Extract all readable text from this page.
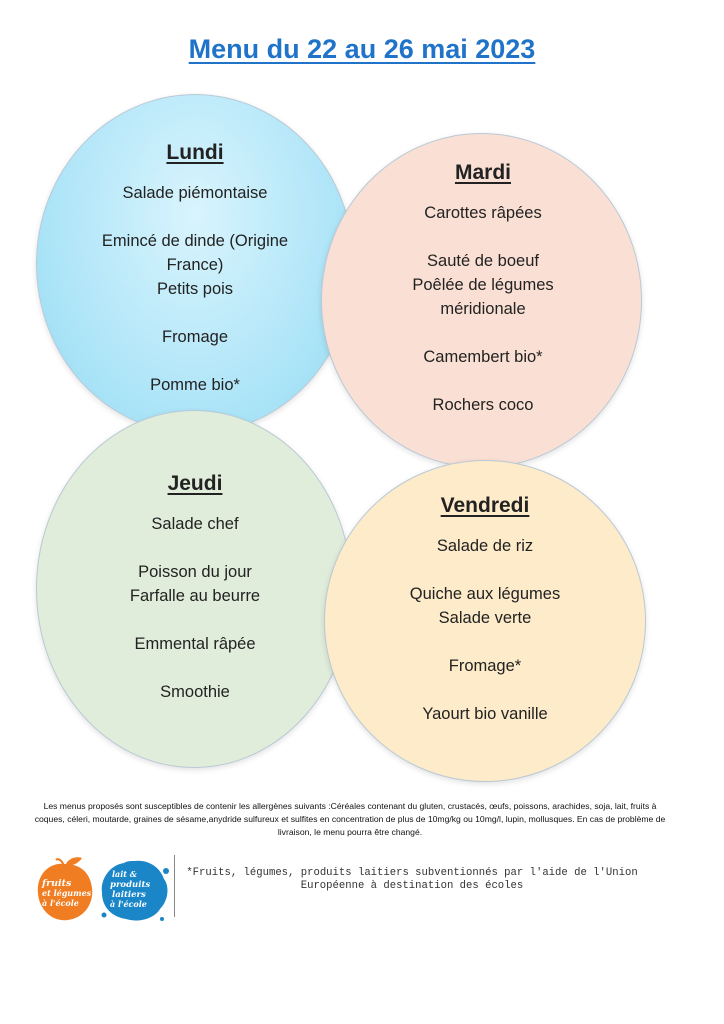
Menu du 22 au 26 mai 2023
Lundi
Salade piémontaise
Emincé de dinde (Origine
France)
Petits pois
Fromage
Pomme bio*
Mardi
Carottes râpées
Sauté de boeuf
Poêlée de légumes
méridionale
Camembert bio*
Rochers coco
Jeudi
Salade chef
Poisson du jour
Farfalle au beurre
Emmental râpée
Smoothie
Vendredi
Salade de riz
Quiche aux légumes
Salade verte
Fromage*
Yaourt bio vanille
Les menus proposés sont susceptibles de contenir les allergènes suivants :Céréales contenant du gluten, crustacés, œufs, poissons, arachides, soja, lait, fruits à coques, céleri, moutarde, graines de sésame,anydride sulfureux et sulfites en concentration de plus de 10mg/kg ou 10mg/l, lupin, mollusques. En cas de problème de livraison, le menu pourra être changé.
fruits
et légumes
à l'école
lait &
produits
laitiers
à l'école
*Fruits, légumes, produits laitiers subventionnés par l'aide de l'Union
Européenne à destination des écoles
